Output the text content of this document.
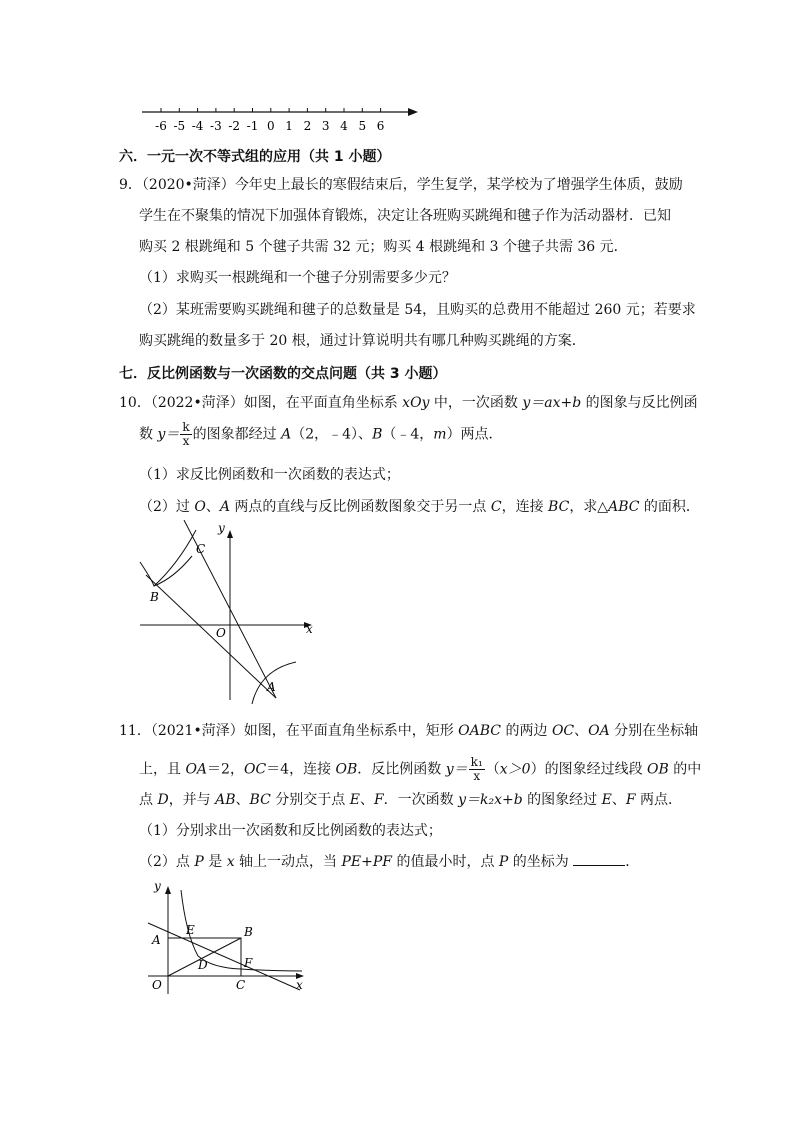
-6 -5 -4 -3 -2 -1 0 1 2 3 4 5 6
六．一元一次不等式组的应用（共 1 小题）
9．（2020•菏泽）今年史上最长的寒假结束后，学生复学，某学校为了增强学生体质，鼓励
学生在不聚集的情况下加强体育锻炼，决定让各班购买跳绳和毽子作为活动器材．已知
购买 2 根跳绳和 5 个毽子共需 32 元；购买 4 根跳绳和 3 个毽子共需 36 元．
（1）求购买一根跳绳和一个毽子分别需要多少元？
（2）某班需要购买跳绳和毽子的总数量是 54，且购买的总费用不能超过 260 元；若要求
购买跳绳的数量多于 20 根，通过计算说明共有哪几种购买跳绳的方案．
七．反比例函数与一次函数的交点问题（共 3 小题）
10．（2022•菏泽）如图，在平面直角坐标系 xOy 中，一次函数 y＝ax+b 的图象与反比例函
数 $y= \frac{k}{x}$ 的图象都经过 A（2，﹣4）、B（﹣4，m）两点．
（1）求反比例函数和一次函数的表达式；
（2）过 O、A 两点的直线与反比例函数图象交于另一点 C，连接 BC，求△ABC 的面积．
y
C
B
O	x
A
11．（2021•菏泽）如图，在平面直角坐标系中，矩形 OABC 的两边 OC、OA 分别在坐标轴
上，且 OA＝2，OC＝4，连接 OB．反比例函数 $y= \frac{\text{k₁}}{x} (x>0)$的图象经过线段 OB 的中
点 D，并与 AB、BC 分别交于点 E、F．一次函数 y＝k₂x+b 的图象经过 E、F 两点．
（1）分别求出一次函数和反比例函数的表达式；
（2）点 P 是 x 轴上一动点，当 PE+PF 的值最小时，点 P 的坐标为	．
y
E	B
A
D	F
O	C	x
